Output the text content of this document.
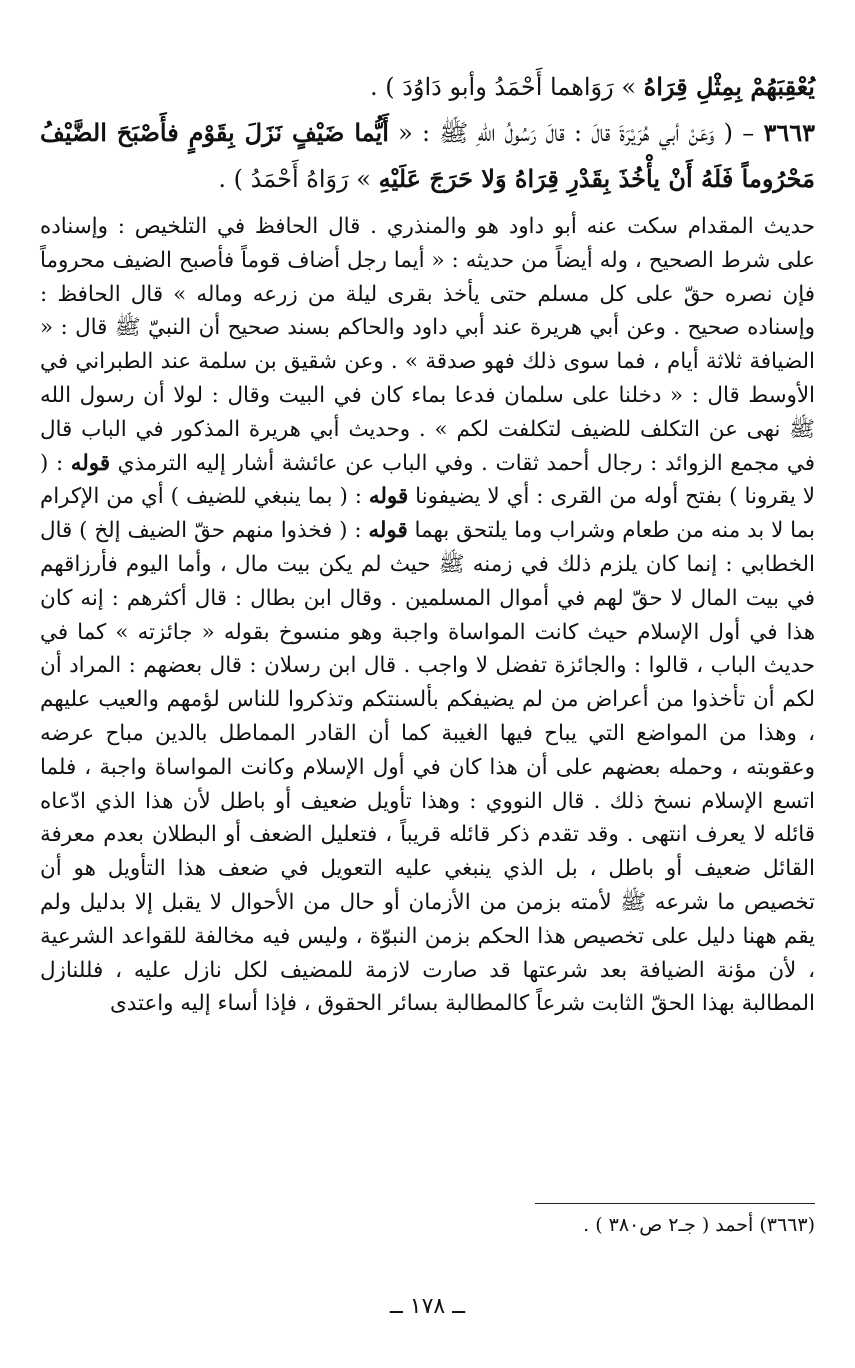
يُعْقِبَهُمْ بِمِثْلِ قِرَاهُ » رَوَاهما أَحْمَدُ وأبو دَاوُدَ ) .

٣٦٦٣ – ( وَعَنْ أبي هُرَيْرَةَ قالَ : قالَ رَسُولُ اللهِ ﷺ : « أَيُّما ضَيْفٍ نَزَلَ بِقَوْمٍ فأَصْبَحَ الضَّيْفُ مَحْرُوماً فَلَهُ أَنْ يأْخُذَ بِقَدْرِ قِرَاهُ وَلا حَرَجَ عَلَيْهِ » رَوَاهُ أَحْمَدُ ) .

حديث المقدام سكت عنه أبو داود هو والمنذري . قال الحافظ في التلخيص : وإسناده على شرط الصحيح ، وله أيضاً من حديثه : « أيما رجل أضاف قوماً فأصبح الضيف محروماً فإن نصره حقّ على كل مسلم حتى يأخذ بقرى ليلة من زرعه وماله » قال الحافظ : وإسناده صحيح . وعن أبي هريرة عند أبي داود والحاكم بسند صحيح أن النبيّ ﷺ قال : « الضيافة ثلاثة أيام ، فما سوى ذلك فهو صدقة » . وعن شقيق بن سلمة عند الطبراني في الأوسط قال : « دخلنا على سلمان فدعا بماء كان في البيت وقال : لولا أن رسول الله ﷺ نهى عن التكلف للضيف لتكلفت لكم » . وحديث أبي هريرة المذكور في الباب قال في مجمع الزوائد : رجال أحمد ثقات . وفي الباب عن عائشة أشار إليه الترمذي قوله : ( لا يقرونا ) بفتح أوله من القرى : أي لا يضيفونا قوله : ( بما ينبغي للضيف ) أي من الإكرام بما لا بد منه من طعام وشراب وما يلتحق بهما قوله : ( فخذوا منهم حقّ الضيف إلخ ) قال الخطابي : إنما كان يلزم ذلك في زمنه ﷺ حيث لم يكن بيت مال ، وأما اليوم فأرزاقهم في بيت المال لا حقّ لهم في أموال المسلمين . وقال ابن بطال : قال أكثرهم : إنه كان هذا في أول الإسلام حيث كانت المواساة واجبة وهو منسوخ بقوله « جائزته » كما في حديث الباب ، قالوا : والجائزة تفضل لا واجب . قال ابن رسلان : قال بعضهم : المراد أن لكم أن تأخذوا من أعراض من لم يضيفكم بألسنتكم وتذكروا للناس لؤمهم والعيب عليهم ، وهذا من المواضع التي يباح فيها الغيبة كما أن القادر المماطل بالدين مباح عرضه وعقوبته ، وحمله بعضهم على أن هذا كان في أول الإسلام وكانت المواساة واجبة ، فلما اتسع الإسلام نسخ ذلك . قال النووي : وهذا تأويل ضعيف أو باطل لأن هذا الذي ادّعاه قائله لا يعرف انتهى . وقد تقدم ذكر قائله قريباً ، فتعليل الضعف أو البطلان بعدم معرفة القائل ضعيف أو باطل ، بل الذي ينبغي عليه التعويل في ضعف هذا التأويل هو أن تخصيص ما شرعه ﷺ لأمته بزمن من الأزمان أو حال من الأحوال لا يقبل إلا بدليل ولم يقم ههنا دليل على تخصيص هذا الحكم بزمن النبوّة ، وليس فيه مخالفة للقواعد الشرعية ، لأن مؤنة الضيافة بعد شرعتها قد صارت لازمة للمضيف لكل نازل عليه ، فللنازل المطالبة بهذا الحقّ الثابت شرعاً كالمطالبة بسائر الحقوق ، فإذا أساء إليه واعتدى

(٣٦٦٣) أحمد ( جـ٢ ص٣٨٠ ) .
ــ ١٧٨ ــ
